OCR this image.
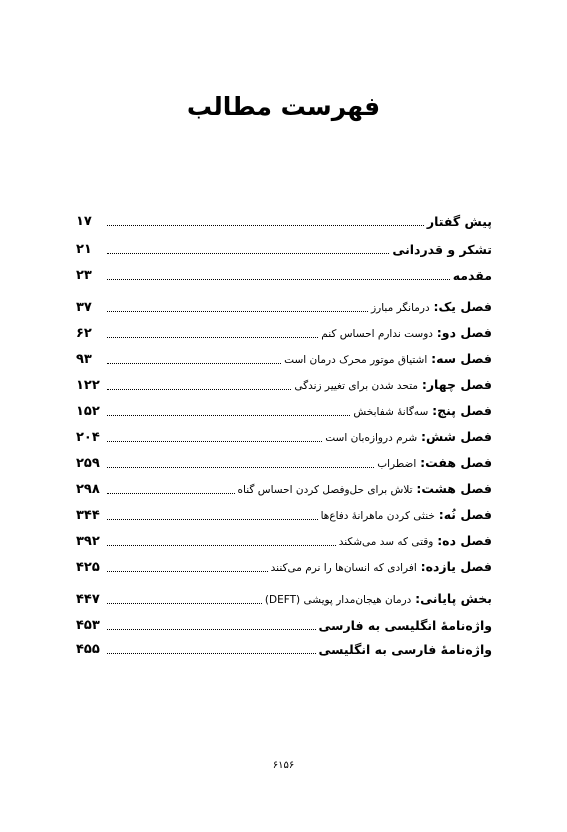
فهرست مطالب
پیش گفتار
۱۷
تشکر و قدردانی
۲۱
مقدمه
۲۳
فصل یک: درمانگر مبارز
۳۷
فصل دو: دوست ندارم احساس کنم
۶۲
فصل سه: اشتیاق موتور محرک درمان است
۹۳
فصل چهار: متحد شدن برای تغییر زندگی
۱۲۲
فصل پنج: سه‌گانهٔ شفابخش
۱۵۲
فصل شش: شرم دروازه‌بان است
۲۰۴
فصل هفت: اضطراب
۲۵۹
فصل هشت: تلاش برای حل‌وفصل کردن احساس گناه
۲۹۸
فصل نُه: خنثی کردن ماهرانهٔ دفاع‌ها
۳۴۴
فصل ده: وقتی که سد می‌شکند
۳۹۲
فصل یازده: افرادی که انسان‌ها را نرم می‌کنند
۴۲۵
بخش پایانی: درمان هیجان‌مدار پویشی (DEFT)
۴۴۷
واژه‌نامهٔ انگلیسی به فارسی
۴۵۳
واژه‌نامهٔ فارسی به انگلیسی
۴۵۵
۶۱۵۶
